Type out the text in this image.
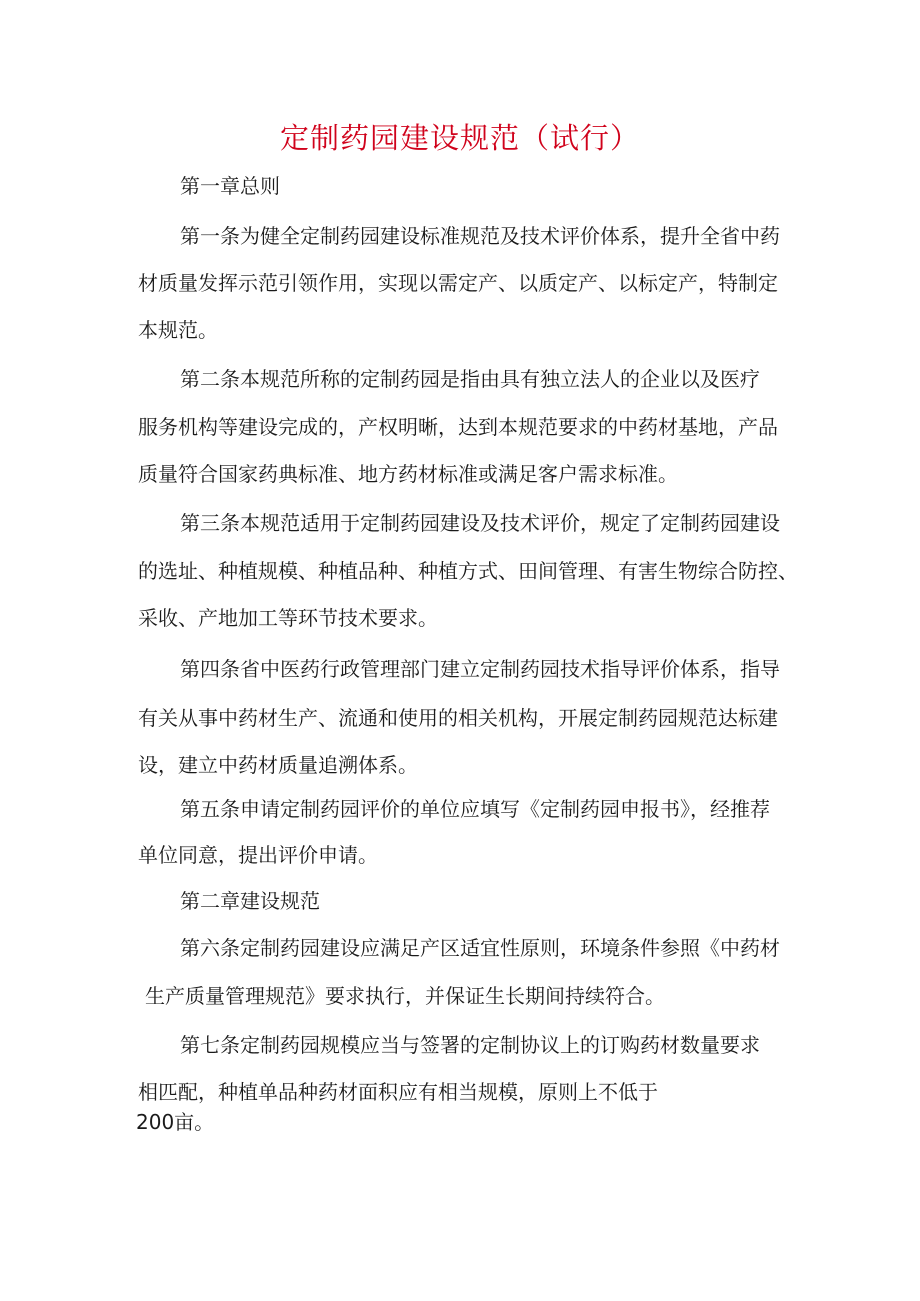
定制药园建设规范（试行）
第一章总则
第一条为健全定制药园建设标准规范及技术评价体系，提升全省中药
材质量发挥示范引领作用，实现以需定产、以质定产、以标定产，特制定
本规范。
第二条本规范所称的定制药园是指由具有独立法人的企业以及医疗
服务机构等建设完成的，产权明晰，达到本规范要求的中药材基地，产品
质量符合国家药典标准、地方药材标准或满足客户需求标准。
第三条本规范适用于定制药园建设及技术评价，规定了定制药园建设
的选址、种植规模、种植品种、种植方式、田间管理、有害生物综合防控、
采收、产地加工等环节技术要求。
第四条省中医药行政管理部门建立定制药园技术指导评价体系，指导
有关从事中药材生产、流通和使用的相关机构，开展定制药园规范达标建
设，建立中药材质量追溯体系。
第五条申请定制药园评价的单位应填写《定制药园申报书》，经推荐
单位同意，提出评价申请。
第二章建设规范
第六条定制药园建设应满足产区适宜性原则，环境条件参照《中药材
生产质量管理规范》要求执行，并保证生长期间持续符合。
第七条定制药园规模应当与签署的定制协议上的订购药材数量要求
相匹配，种植单品种药材面积应有相当规模，原则上不低于
200亩。
